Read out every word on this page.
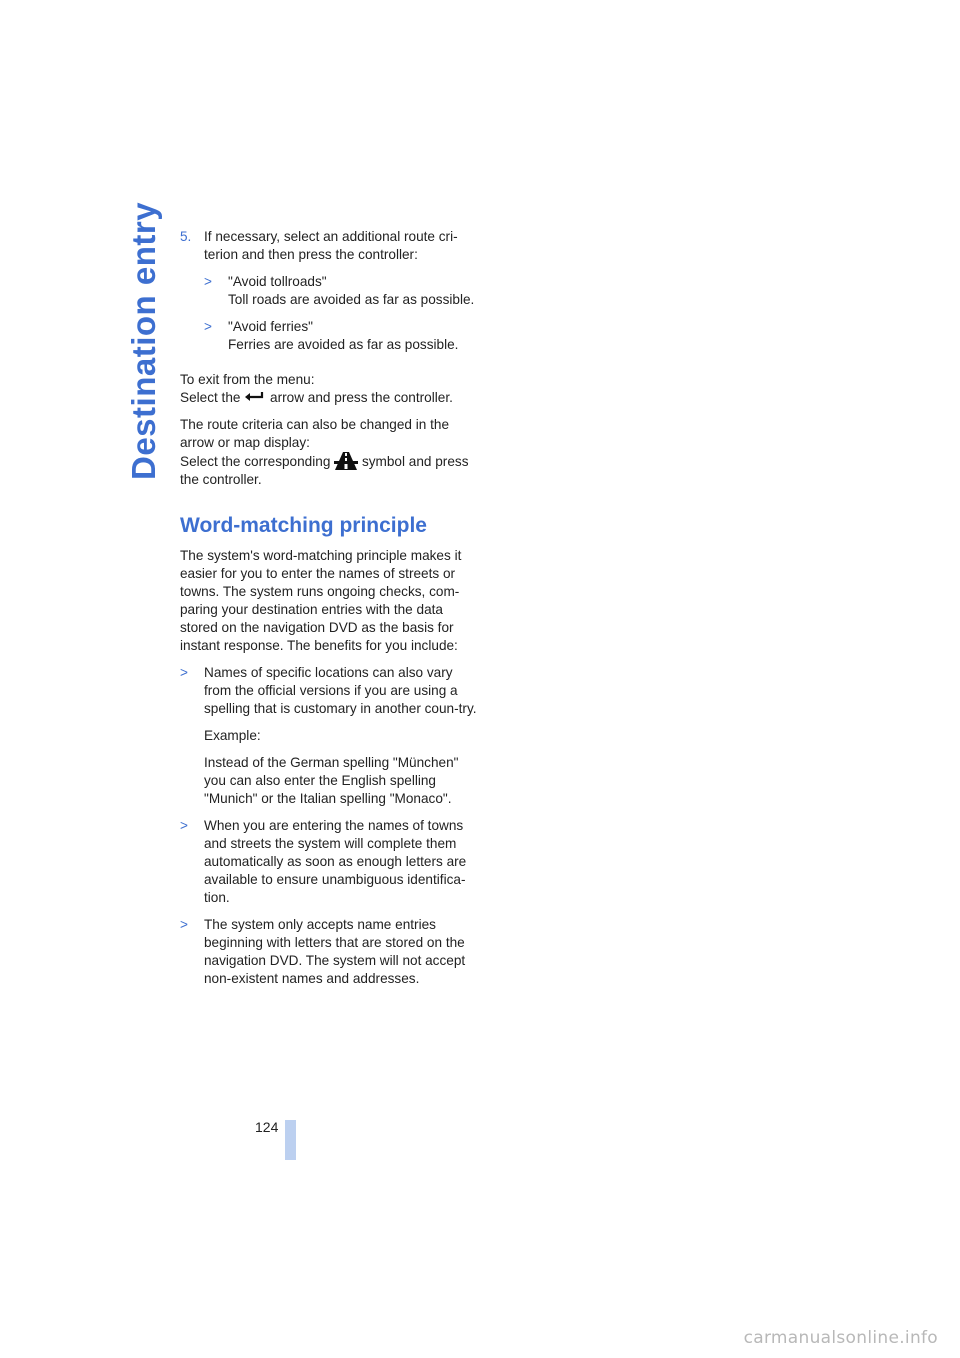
Destination entry 5. If necessary, select an additional route cri-terion and then press the controller:
>	"Avoid tollroads"
Toll roads are avoided as far as possible.
>	"Avoid ferries"
Ferries are avoided as far as possible.

To exit from the menu:
Select the arrow and press the controller.

The route criteria can also be changed in the arrow or map display:
Select the corresponding symbol and press the controller.

Word-matching principle

The system's word-matching principle makes it easier for you to enter the names of streets or towns. The system runs ongoing checks, com-paring your destination entries with the data stored on the navigation DVD as the basis for instant response. The benefits for you include:

>	Names of specific locations can also vary from the official versions if you are using a spelling that is customary in another coun-try.

Example:

Instead of the German spelling "München" you can also enter the English spelling "Munich" or the Italian spelling "Monaco".

>	When you are entering the names of towns and streets the system will complete them automatically as soon as enough letters are available to ensure unambiguous identifica-tion.
>	The system only accepts name entries beginning with letters that are stored on the navigation DVD. The system will not accept non-existent names and addresses.
124
carmanualsonline.info
